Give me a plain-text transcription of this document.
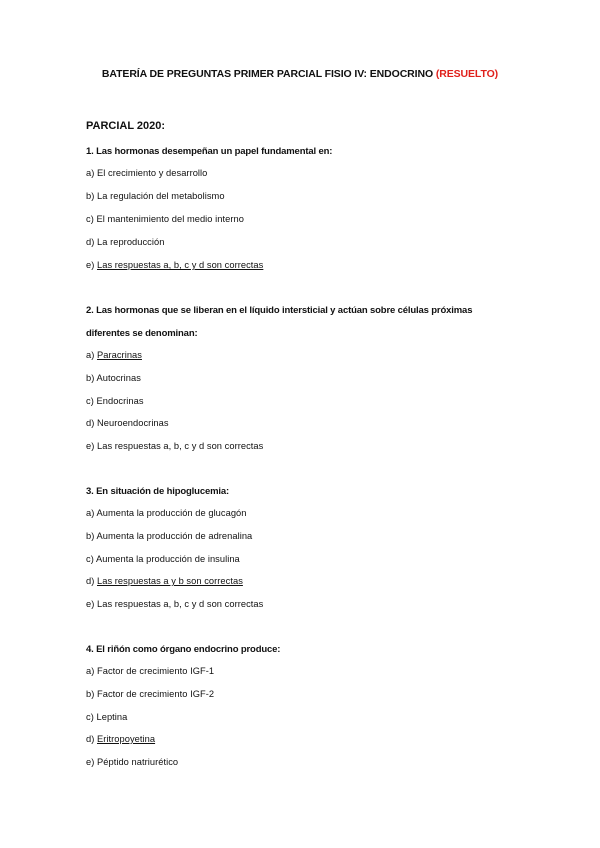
BATERÍA DE PREGUNTAS PRIMER PARCIAL FISIO IV: ENDOCRINO (RESUELTO)
PARCIAL 2020:
1. Las hormonas desempeñan un papel fundamental en:
a) El crecimiento y desarrollo
b) La regulación del metabolismo
c) El mantenimiento del medio interno
d) La reproducción
e) Las respuestas a, b, c y d son correctas
2. Las hormonas que se liberan en el líquido intersticial y actúan sobre células próximas
diferentes se denominan:
a) Paracrinas
b) Autocrinas
c) Endocrinas
d) Neuroendocrinas
e) Las respuestas a, b, c y d son correctas
3. En situación de hipoglucemia:
a) Aumenta la producción de glucagón
b) Aumenta la producción de adrenalina
c) Aumenta la producción de insulina
d) Las respuestas a y b son correctas
e) Las respuestas a, b, c y d son correctas
4. El riñón como órgano endocrino produce:
a) Factor de crecimiento IGF-1
b) Factor de crecimiento IGF-2
c) Leptina
d) Eritropoyetina
e) Péptido natriurético
